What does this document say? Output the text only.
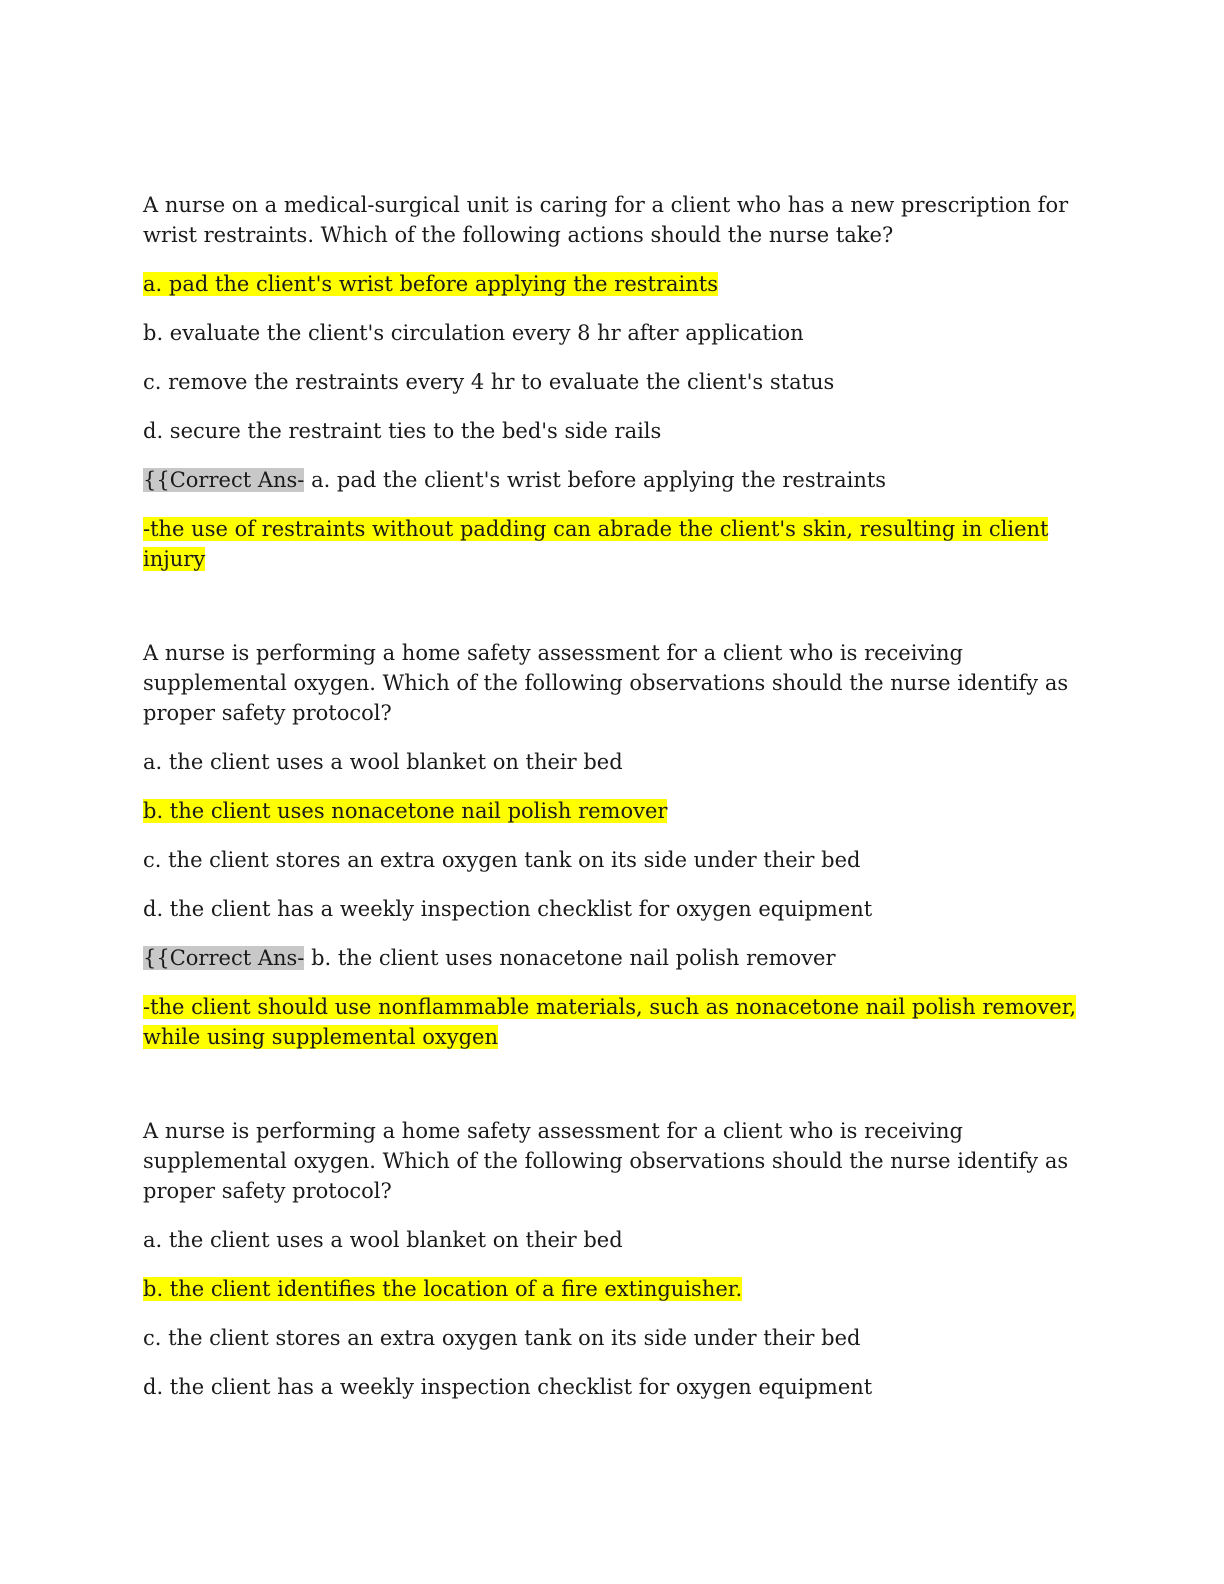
A nurse on a medical-surgical unit is caring for a client who has a new prescription for wrist restraints. Which of the following actions should the nurse take?

a. pad the client's wrist before applying the restraints

b. evaluate the client's circulation every 8 hr after application

c. remove the restraints every 4 hr to evaluate the client's status

d. secure the restraint ties to the bed's side rails

{{Correct Ans- a. pad the client's wrist before applying the restraints

-the use of restraints without padding can abrade the client's skin, resulting in client injury

A nurse is performing a home safety assessment for a client who is receiving supplemental oxygen. Which of the following observations should the nurse identify as proper safety protocol?

a. the client uses a wool blanket on their bed

b. the client uses nonacetone nail polish remover

c. the client stores an extra oxygen tank on its side under their bed

d. the client has a weekly inspection checklist for oxygen equipment

{{Correct Ans- b. the client uses nonacetone nail polish remover

-the client should use nonflammable materials, such as nonacetone nail polish remover, while using supplemental oxygen

A nurse is performing a home safety assessment for a client who is receiving supplemental oxygen. Which of the following observations should the nurse identify as proper safety protocol?

a. the client uses a wool blanket on their bed

b. the client identifies the location of a fire extinguisher.

c. the client stores an extra oxygen tank on its side under their bed

d. the client has a weekly inspection checklist for oxygen equipment
